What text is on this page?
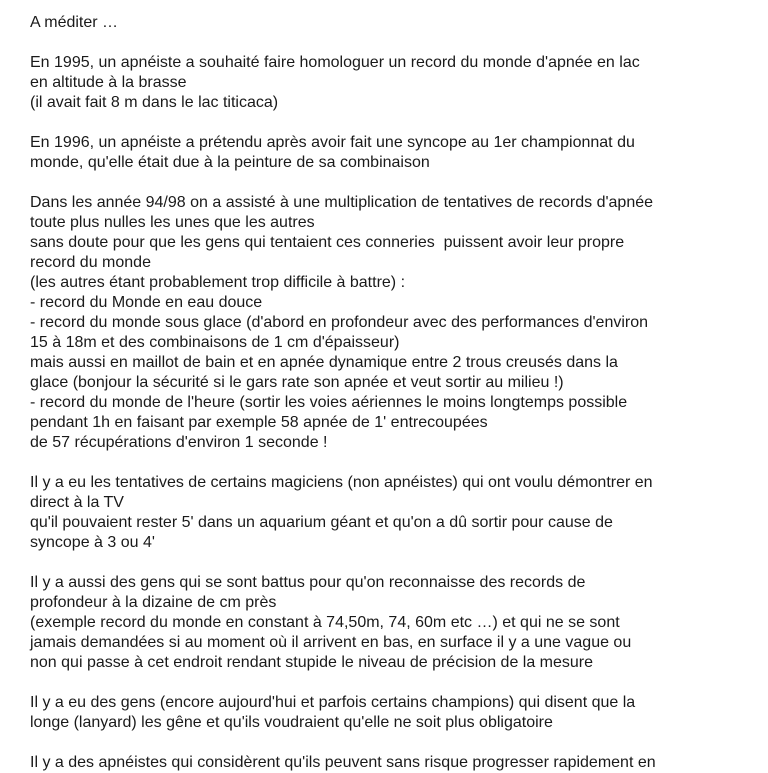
A méditer …
En 1995, un apnéiste a souhaité faire homologuer un record du monde d'apnée en lac
en altitude à la brasse
(il avait fait 8 m dans le lac titicaca)
En 1996, un apnéiste a prétendu après avoir fait une syncope au 1er championnat du
monde, qu'elle était due à la peinture de sa combinaison
Dans les année 94/98 on a assisté à une multiplication de tentatives de records d'apnée
toute plus nulles les unes que les autres
sans doute pour que les gens qui tentaient ces conneries  puissent avoir leur propre
record du monde
(les autres étant probablement trop difficile à battre) :
- record du Monde en eau douce
- record du monde sous glace (d'abord en profondeur avec des performances d'environ
15 à 18m et des combinaisons de 1 cm d'épaisseur)
mais aussi en maillot de bain et en apnée dynamique entre 2 trous creusés dans la
glace (bonjour la sécurité si le gars rate son apnée et veut sortir au milieu !)
- record du monde de l'heure (sortir les voies aériennes le moins longtemps possible
pendant 1h en faisant par exemple 58 apnée de 1' entrecoupées
de 57 récupérations d'environ 1 seconde !
Il y a eu les tentatives de certains magiciens (non apnéistes) qui ont voulu démontrer en
direct à la TV
qu'il pouvaient rester 5' dans un aquarium géant et qu'on a dû sortir pour cause de
syncope à 3 ou 4'
Il y a aussi des gens qui se sont battus pour qu'on reconnaisse des records de
profondeur à la dizaine de cm près
(exemple record du monde en constant à 74,50m, 74, 60m etc …) et qui ne se sont
jamais demandées si au moment où il arrivent en bas, en surface il y a une vague ou
non qui passe à cet endroit rendant stupide le niveau de précision de la mesure
Il y a eu des gens (encore aujourd'hui et parfois certains champions) qui disent que la
longe (lanyard) les gêne et qu'ils voudraient qu'elle ne soit plus obligatoire
Il y a des apnéistes qui considèrent qu'ils peuvent sans risque progresser rapidement en
